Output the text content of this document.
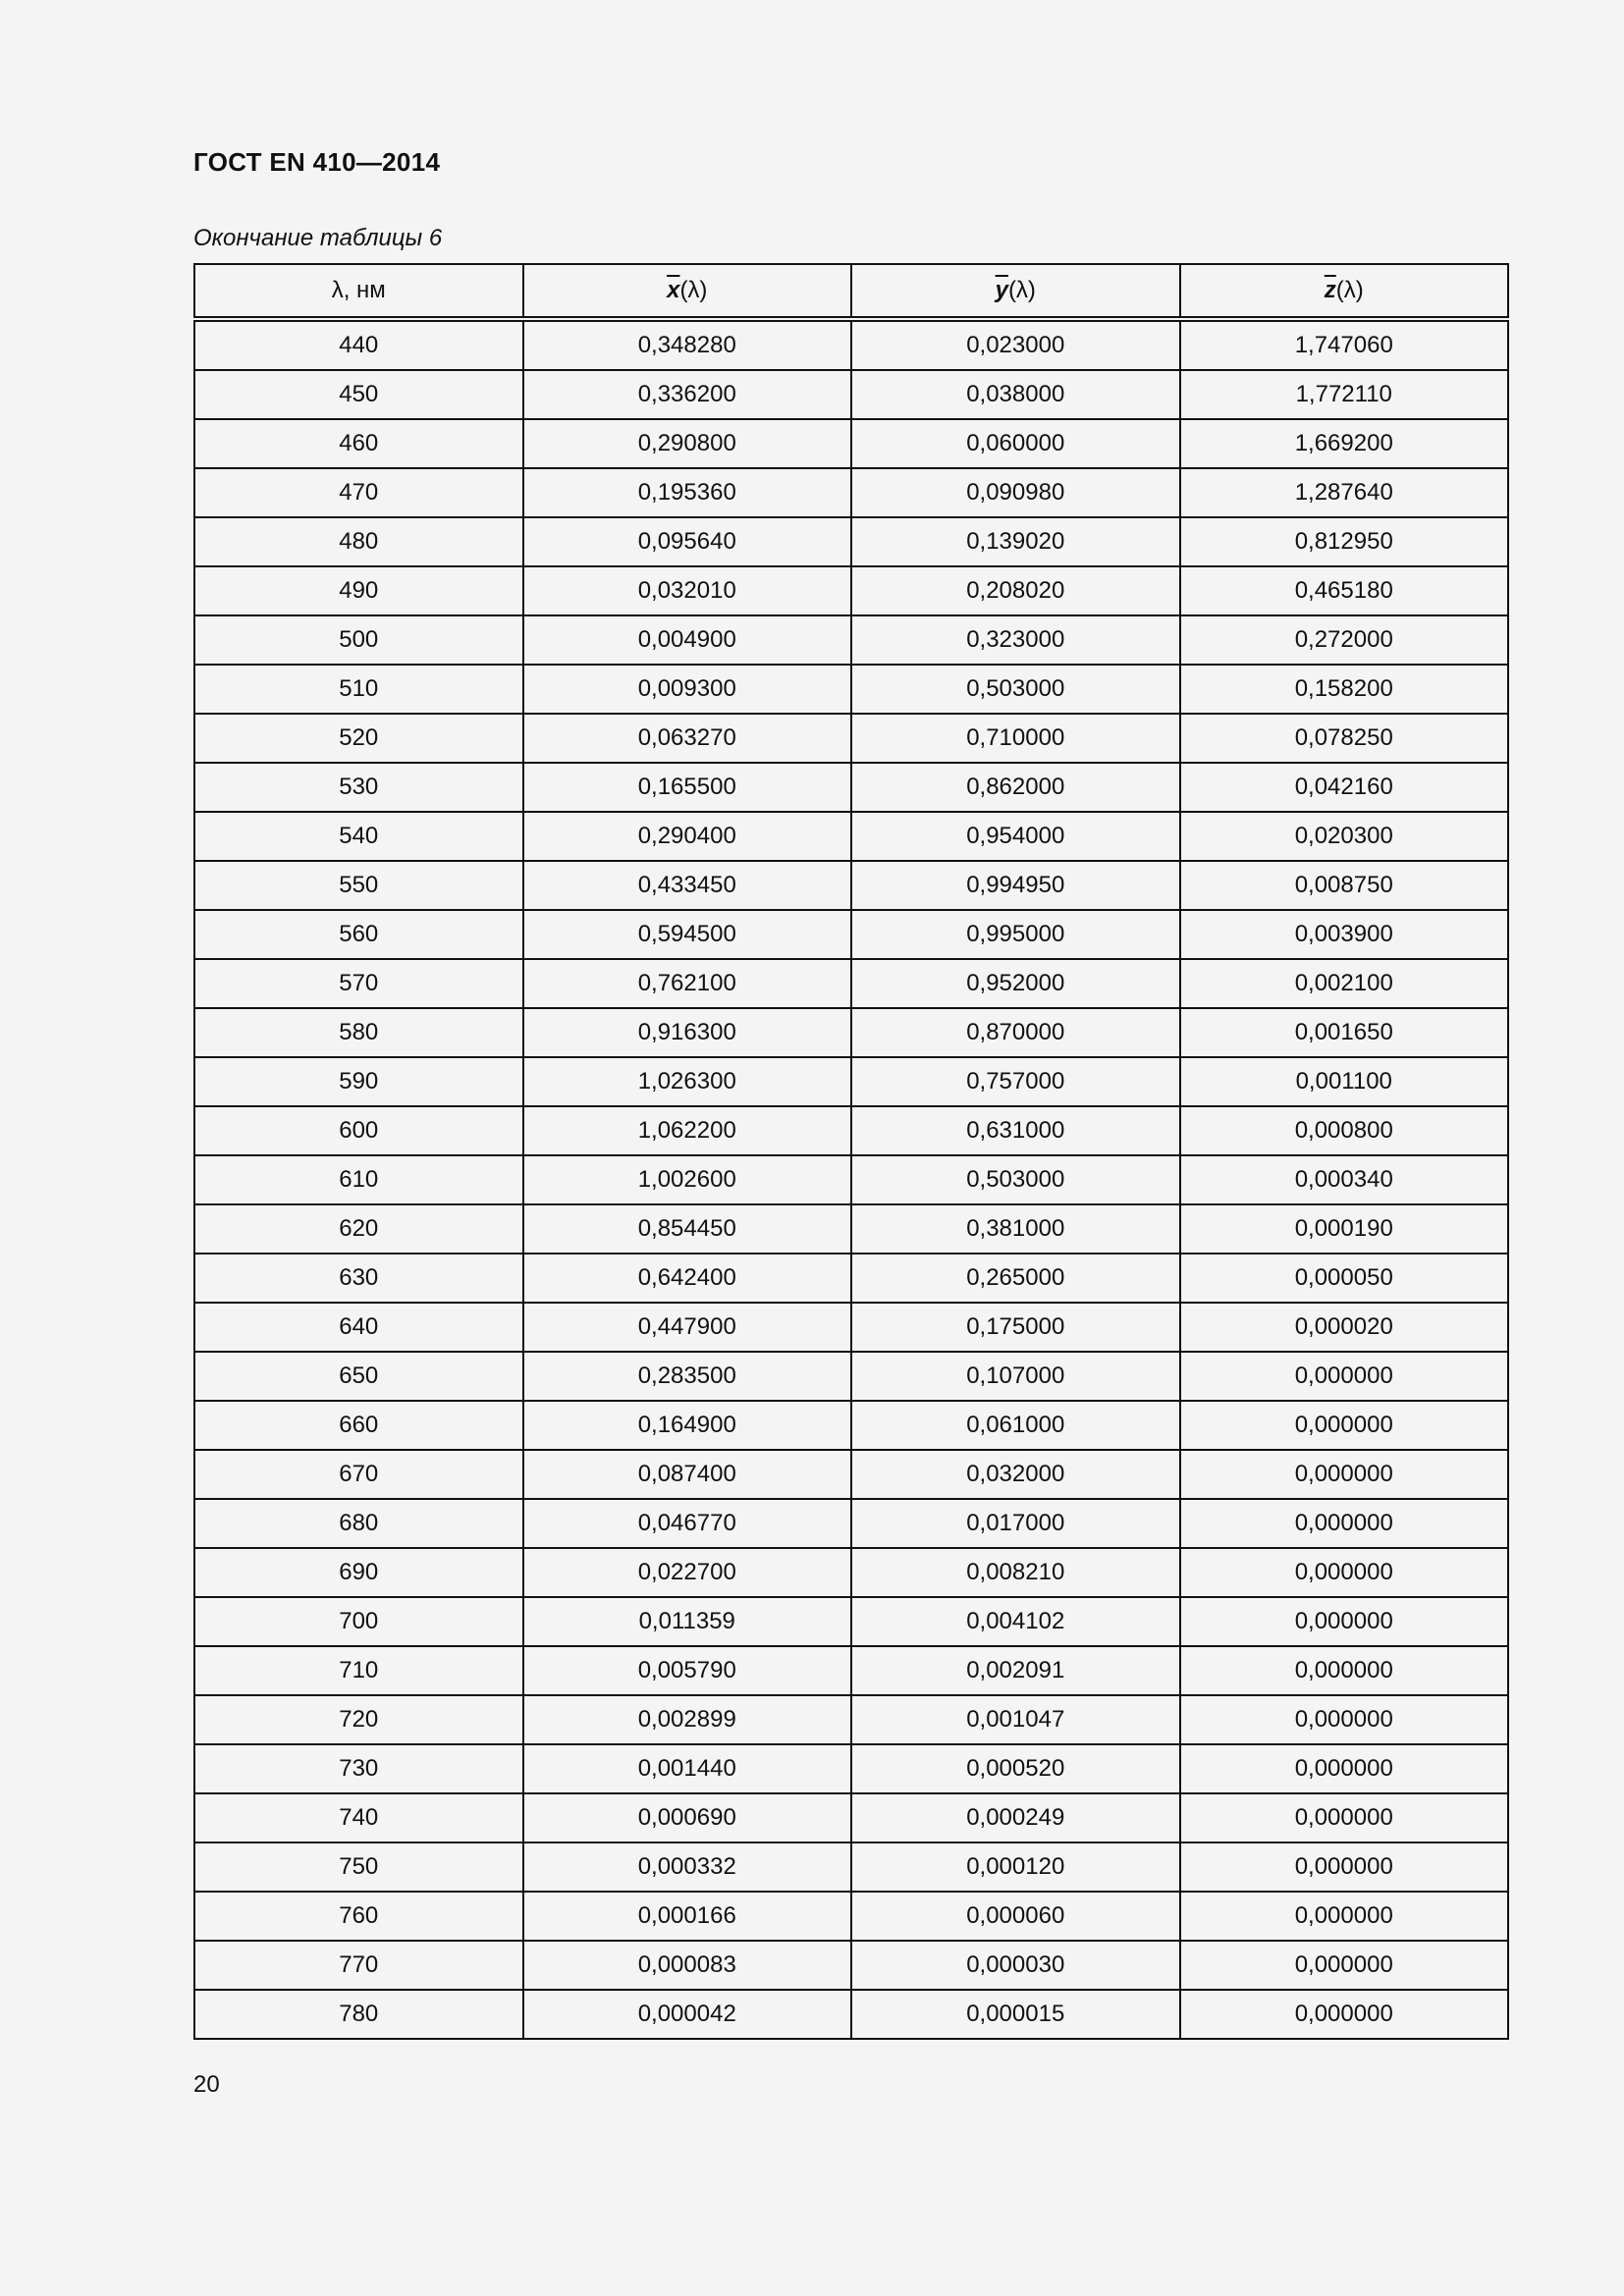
ГОСТ EN 410—2014
Окончание таблицы 6
λ, нм	$\overline{x}(\lambda)$	$\overline{y}(\lambda)$	$\overline{z}(\lambda)$
440	0,348280	0,023000	1,747060
450	0,336200	0,038000	1,772110
460	0,290800	0,060000	1,669200
470	0,195360	0,090980	1,287640
480	0,095640	0,139020	0,812950
490	0,032010	0,208020	0,465180
500	0,004900	0,323000	0,272000
510	0,009300	0,503000	0,158200
520	0,063270	0,710000	0,078250
530	0,165500	0,862000	0,042160
540	0,290400	0,954000	0,020300
550	0,433450	0,994950	0,008750
560	0,594500	0,995000	0,003900
570	0,762100	0,952000	0,002100
580	0,916300	0,870000	0,001650
590	1,026300	0,757000	0,001100
600	1,062200	0,631000	0,000800
610	1,002600	0,503000	0,000340
620	0,854450	0,381000	0,000190
630	0,642400	0,265000	0,000050
640	0,447900	0,175000	0,000020
650	0,283500	0,107000	0,000000
660	0,164900	0,061000	0,000000
670	0,087400	0,032000	0,000000
680	0,046770	0,017000	0,000000
690	0,022700	0,008210	0,000000
700	0,011359	0,004102	0,000000
710	0,005790	0,002091	0,000000
720	0,002899	0,001047	0,000000
730	0,001440	0,000520	0,000000
740	0,000690	0,000249	0,000000
750	0,000332	0,000120	0,000000
760	0,000166	0,000060	0,000000
770	0,000083	0,000030	0,000000
780	0,000042	0,000015	0,000000
20
